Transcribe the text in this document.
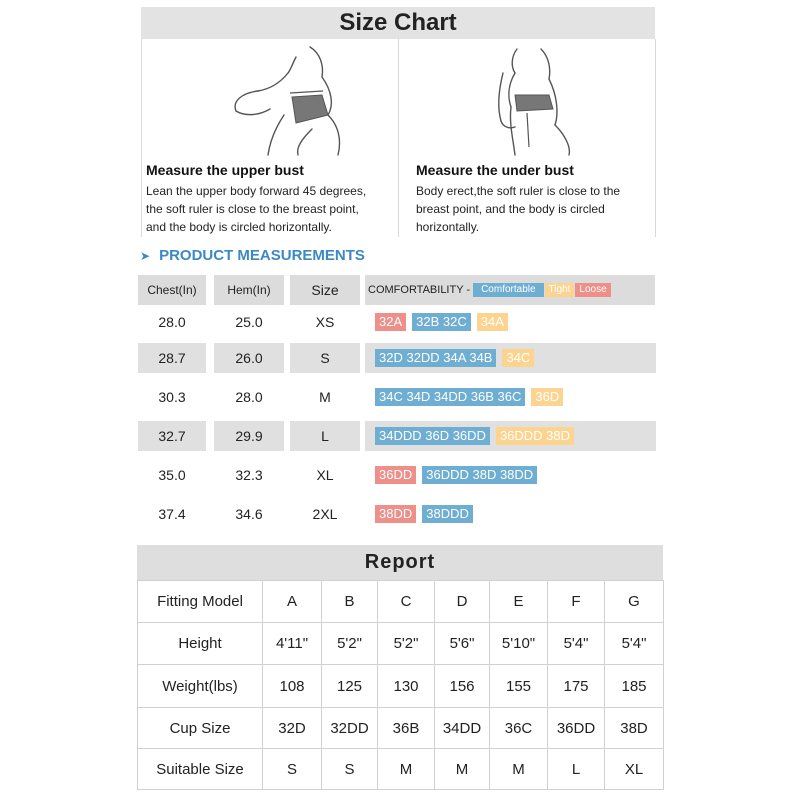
Size Chart
Measure the upper bust
Lean the upper body forward 45 degrees,
the soft ruler is close to the breast point,
and the body is circled horizontally.
Measure the under bust
Body erect,the soft ruler is close to the
breast point, and the body is circled
horizontally.
➤ PRODUCT MEASUREMENTS
Chest(In)	Hem(In)	Size	COMFORTABILITY -	Comfortable	Tight Loose
28.0	25.0	XS	32A	32B 32C	34A
28.7	26.0	S	32D 32DD 34A 34B	34C
30.3	28.0	M	34C 34D 34DD 36B 36C	36D
32.7	29.9	L	34DDD 36D 36DD	36DDD 38D
35.0	32.3	XL	36DD	36DDD 38D 38DD
37.4	34.6	2XL	38DD	38DDD
Report
Fitting Model	A	B	C	D	E	F	G
Height	4'11"	5'2"	5'2"	5'6"	5'10"	5'4"	5'4"
Weight(lbs)	108	125	130	156	155	175	185
Cup Size	32D	32DD	36B	34DD	36C	36DD	38D
Suitable Size	S	S	M	M	M	L	XL
